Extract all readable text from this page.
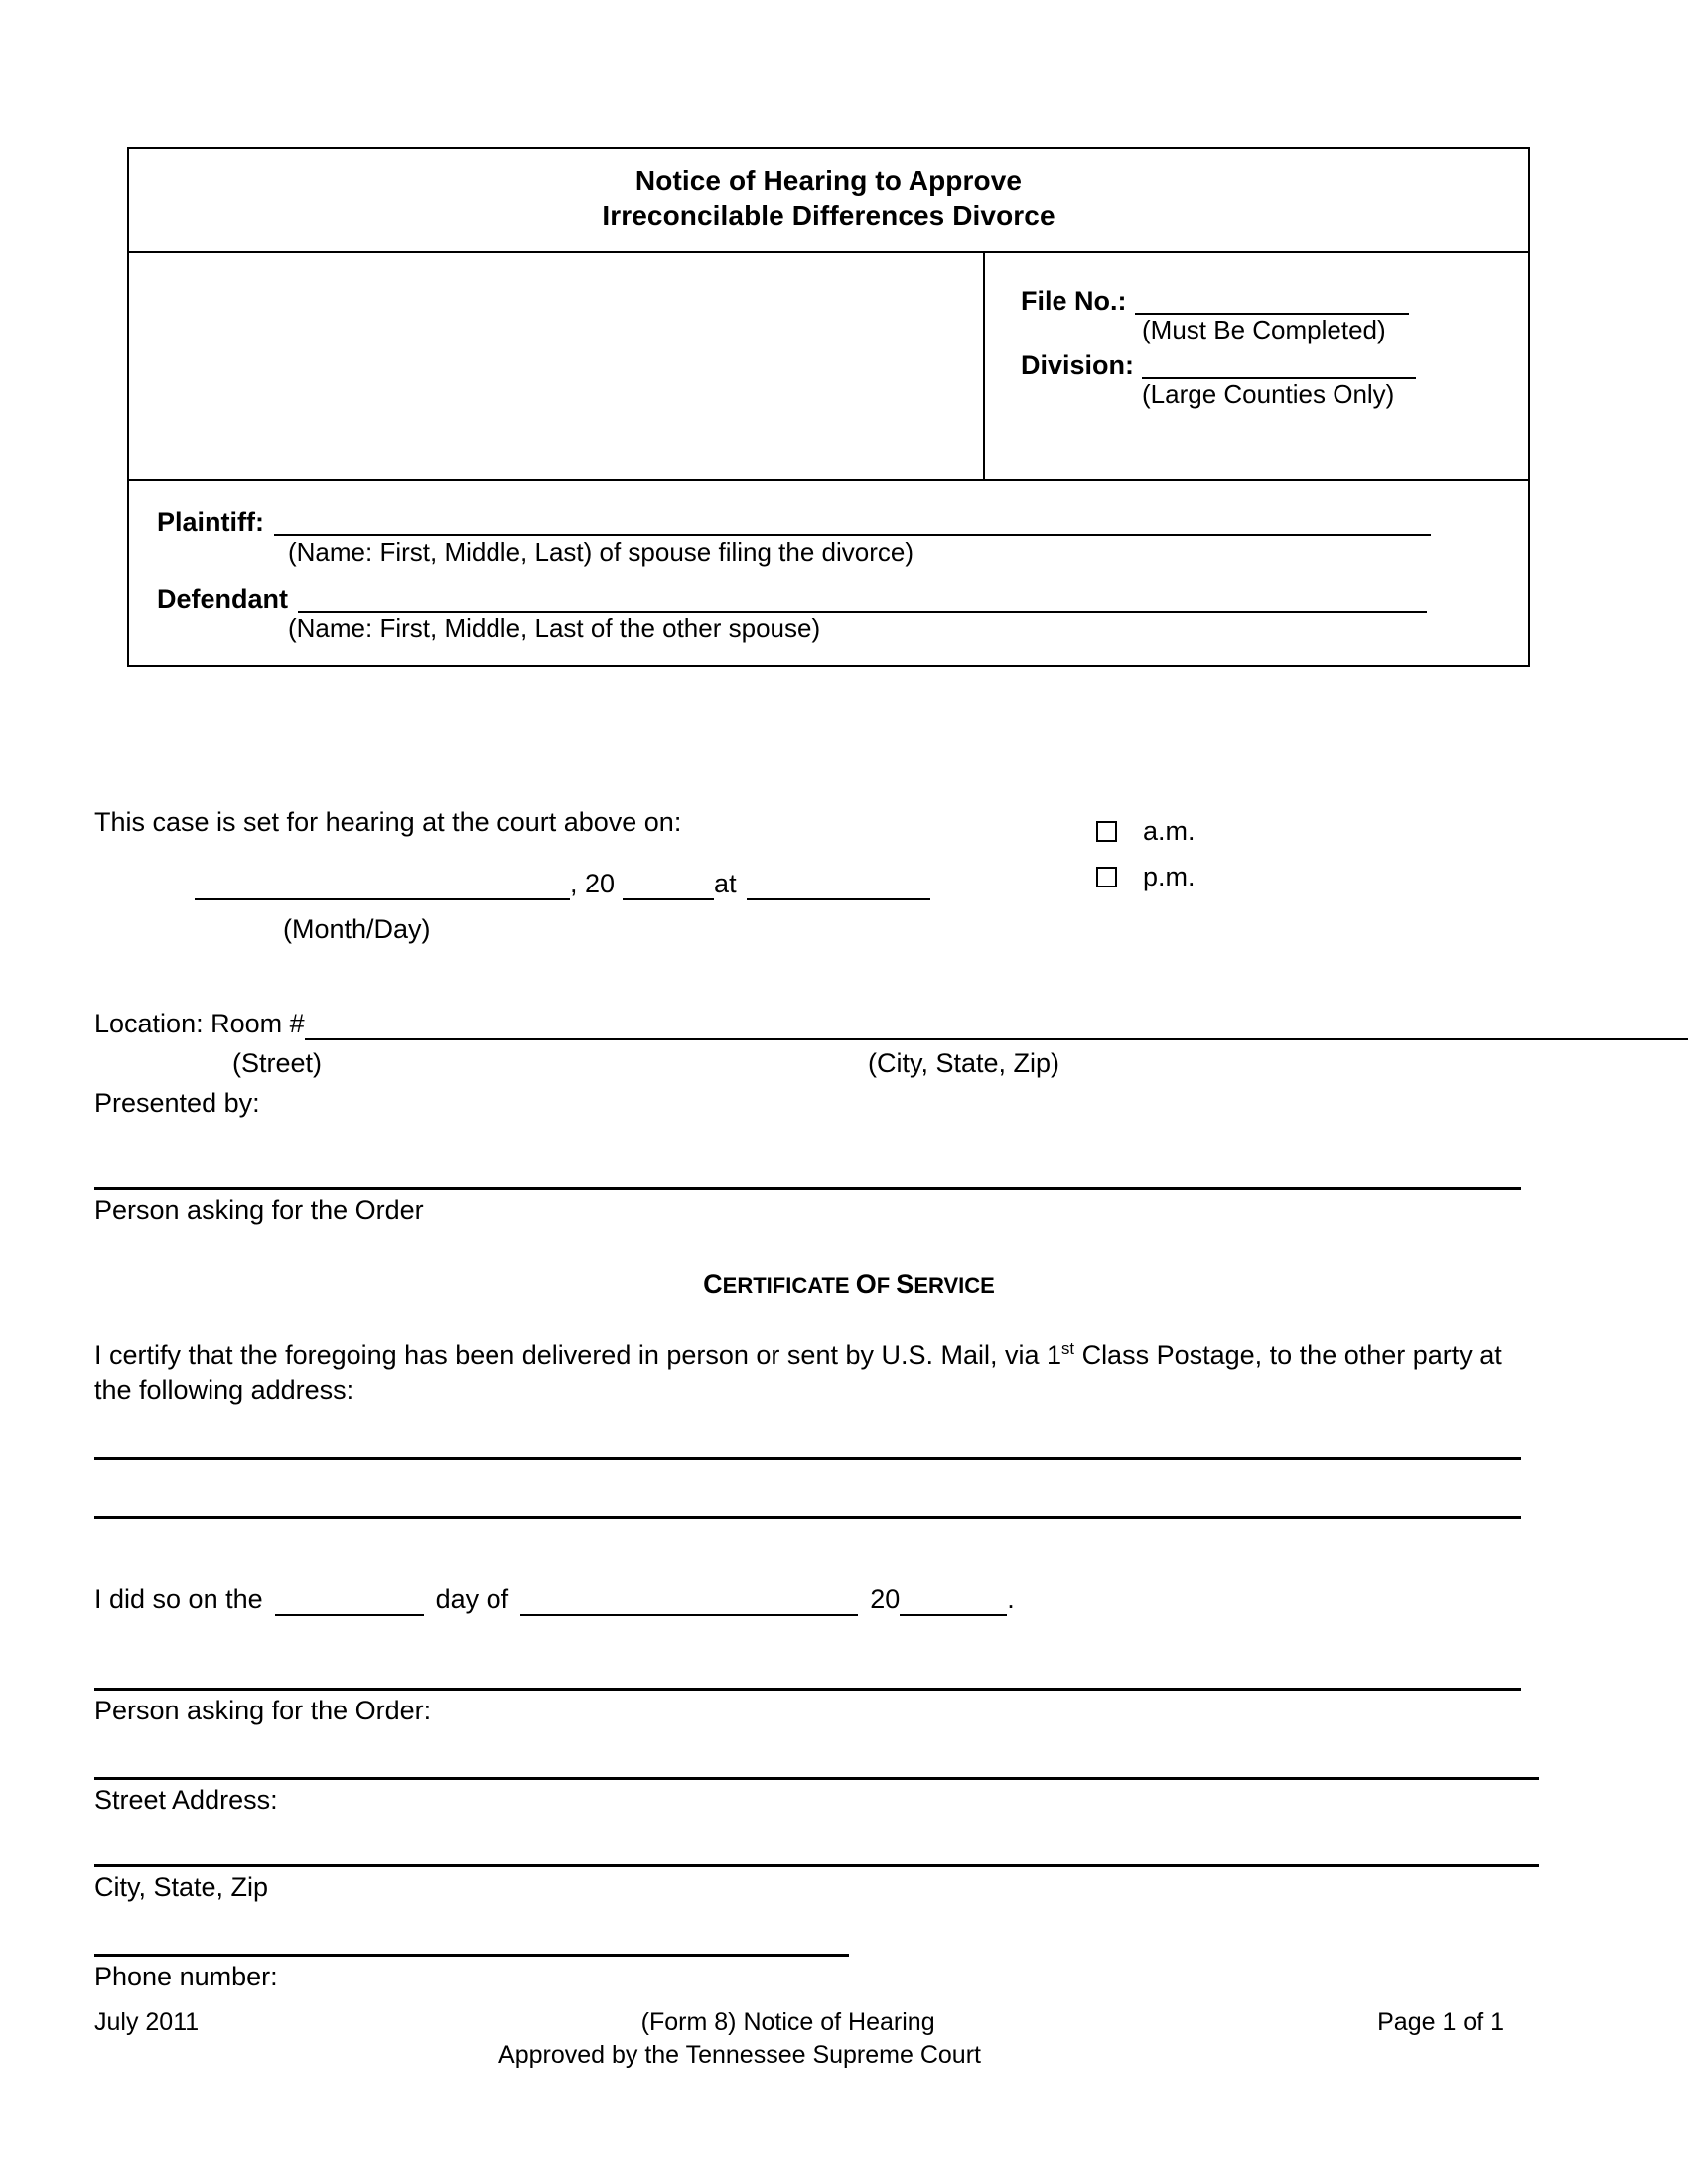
Notice of Hearing to Approve
Irreconcilable Differences Divorce
File No.:
(Must Be Completed)
Division:
(Large Counties Only)
Plaintiff:
(Name: First, Middle, Last) of spouse filing the divorce)
Defendant
(Name: First, Middle, Last of the other spouse)
This case is set for hearing at the court above on:	a.m.
p.m.
, 20	at
(Month/Day)
Location: Room #
(Street)	(City, State, Zip)
Presented by:
Person asking for the Order
CERTIFICATE OF SERVICE
I certify that the foregoing has been delivered in person or sent by U.S. Mail, via 1st Class Postage, to the other party at the following address:
I did so on the	day of	20	.
Person asking for the Order:
Street Address:
City, State, Zip
Phone number:
July 2011	(Form 8) Notice of Hearing	Page 1 of 1
Approved by the Tennessee Supreme Court
